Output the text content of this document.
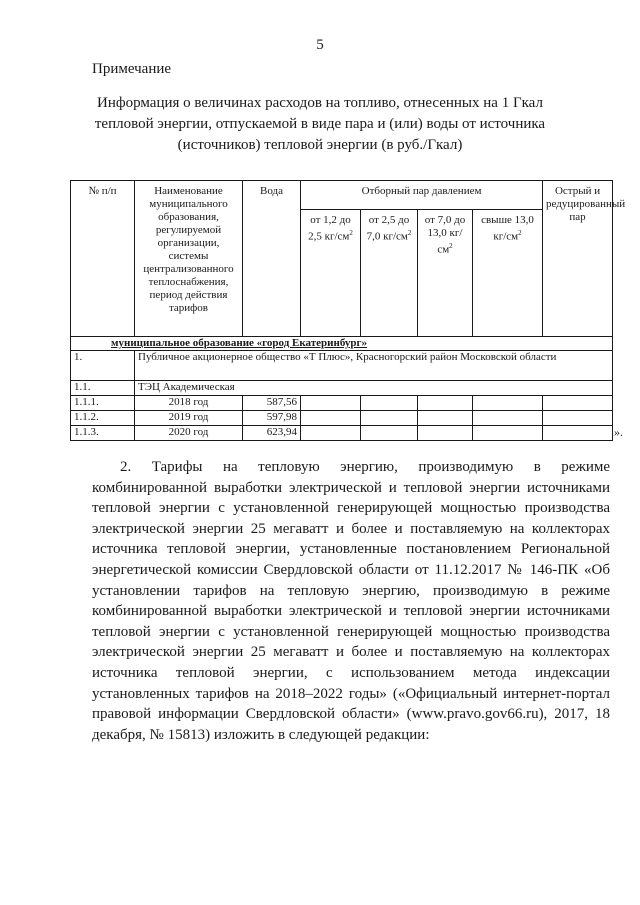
5
Примечание
Информация о величинах расходов на топливо, отнесенных на 1 Гкал тепловой энергии, отпускаемой в виде пара и (или) воды от источника (источников) тепловой энергии (в руб./Гкал)
№ п/п	Наименование муниципального образования, регулируемой организации, системы централизованного теплоснабжения, период действия тарифов	Вода	Отборный пар давлением				Острый и редуцированный пар
			от 1,2 до 2,5 $кг/см^2$	от 2,5 до 7,0 $кг/см^2$	от 7,0 до 13,0 $кг/см^2$	свыше 13,0 $кг/см^2$
муниципальное образование «город Екатеринбург»							
1.	Публичное акционерное общество «Т Плюс», Красногорский район Московской области						
1.1.	ТЭЦ Академическая						
1.1.1.	2018 год	587,56					
1.1.2.	2019 год	597,98					
1.1.3.	2020 год	623,94						».
2. Тарифы на тепловую энергию, производимую в режиме комбинированной выработки электрической и тепловой энергии источниками тепловой энергии с установленной генерирующей мощностью производства электрической энергии 25 мегаватт и более и поставляемую на коллекторах источника тепловой энергии, установленные постановлением Региональной энергетической комиссии Свердловской области от 11.12.2017 № 146-ПК «Об установлении тарифов на тепловую энергию, производимую в режиме комбинированной выработки электрической и тепловой энергии источниками тепловой энергии с установленной генерирующей мощностью производства электрической энергии 25 мегаватт и более и поставляемую на коллекторах источника тепловой энергии, с использованием метода индексации установленных тарифов на 2018–2022 годы» («Официальный интернет-портал правовой информации Свердловской области» (www.pravo.gov66.ru), 2017, 18 декабря, № 15813) изложить в следующей редакции:
